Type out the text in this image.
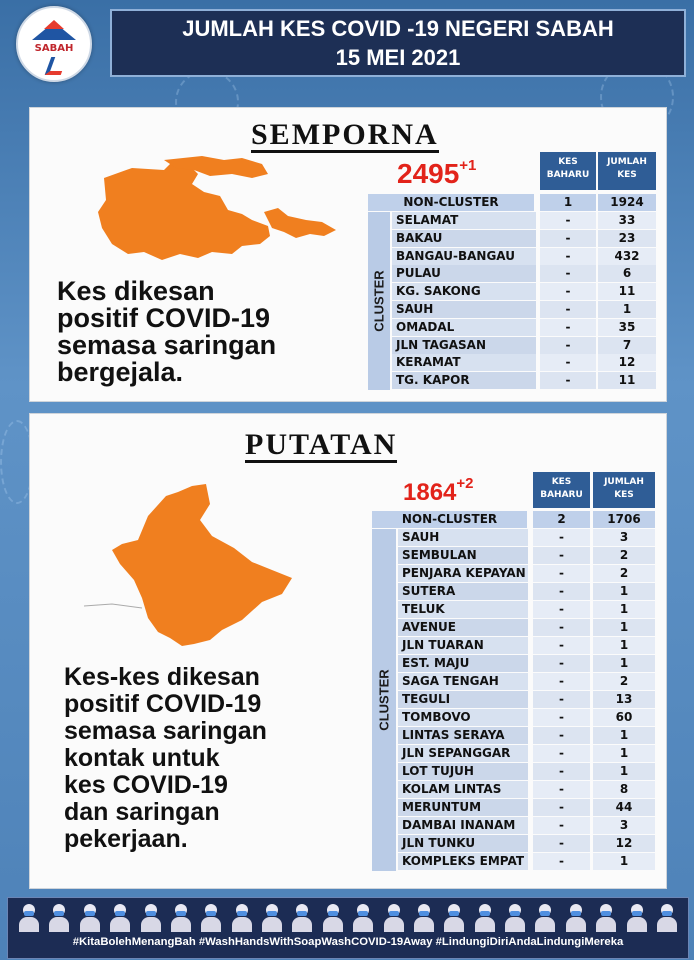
SABAH
JUMLAH KES COVID -19 NEGERI SABAH
15 MEI 2021
SEMPORNA
$2495^{+1}$
Kes dikesan
positif COVID-19
semasa saringan
bergejala.
KES BAHARU
JUMLAH KES
NON-CLUSTER	1	1924
CLUSTER
SELAMAT	-	33
BAKAU	-	23
BANGAU-BANGAU	-	432
PULAU	-	6
KG. SAKONG	-	11
SAUH	-	1
OMADAL	-	35
JLN TAGASAN	-	7
KERAMAT	-	12
TG. KAPOR	-	11
PUTATAN
$1864^{+2}$
Kes-kes dikesan
positif COVID-19
semasa saringan
kontak untuk
kes COVID-19
dan saringan
pekerjaan.
KES BAHARU
JUMLAH KES
NON-CLUSTER	2	1706
CLUSTER
SAUH	-	3
SEMBULAN	-	2
PENJARA KEPAYAN	-	2
SUTERA	-	1
TELUK	-	1
AVENUE	-	1
JLN TUARAN	-	1
EST. MAJU	-	1
SAGA TENGAH	-	2
TEGULI	-	13
TOMBOVO	-	60
LINTAS SERAYA	-	1
JLN SEPANGGAR	-	1
LOT TUJUH	-	1
KOLAM LINTAS	-	8
MERUNTUM	-	44
DAMBAI INANAM	-	3
JLN TUNKU	-	12
KOMPLEKS EMPAT	-	1
#KitaBolehMenangBah #WashHandsWithSoapWashCOVID-19Away #LindungiDiriAndaLindungiMereka
